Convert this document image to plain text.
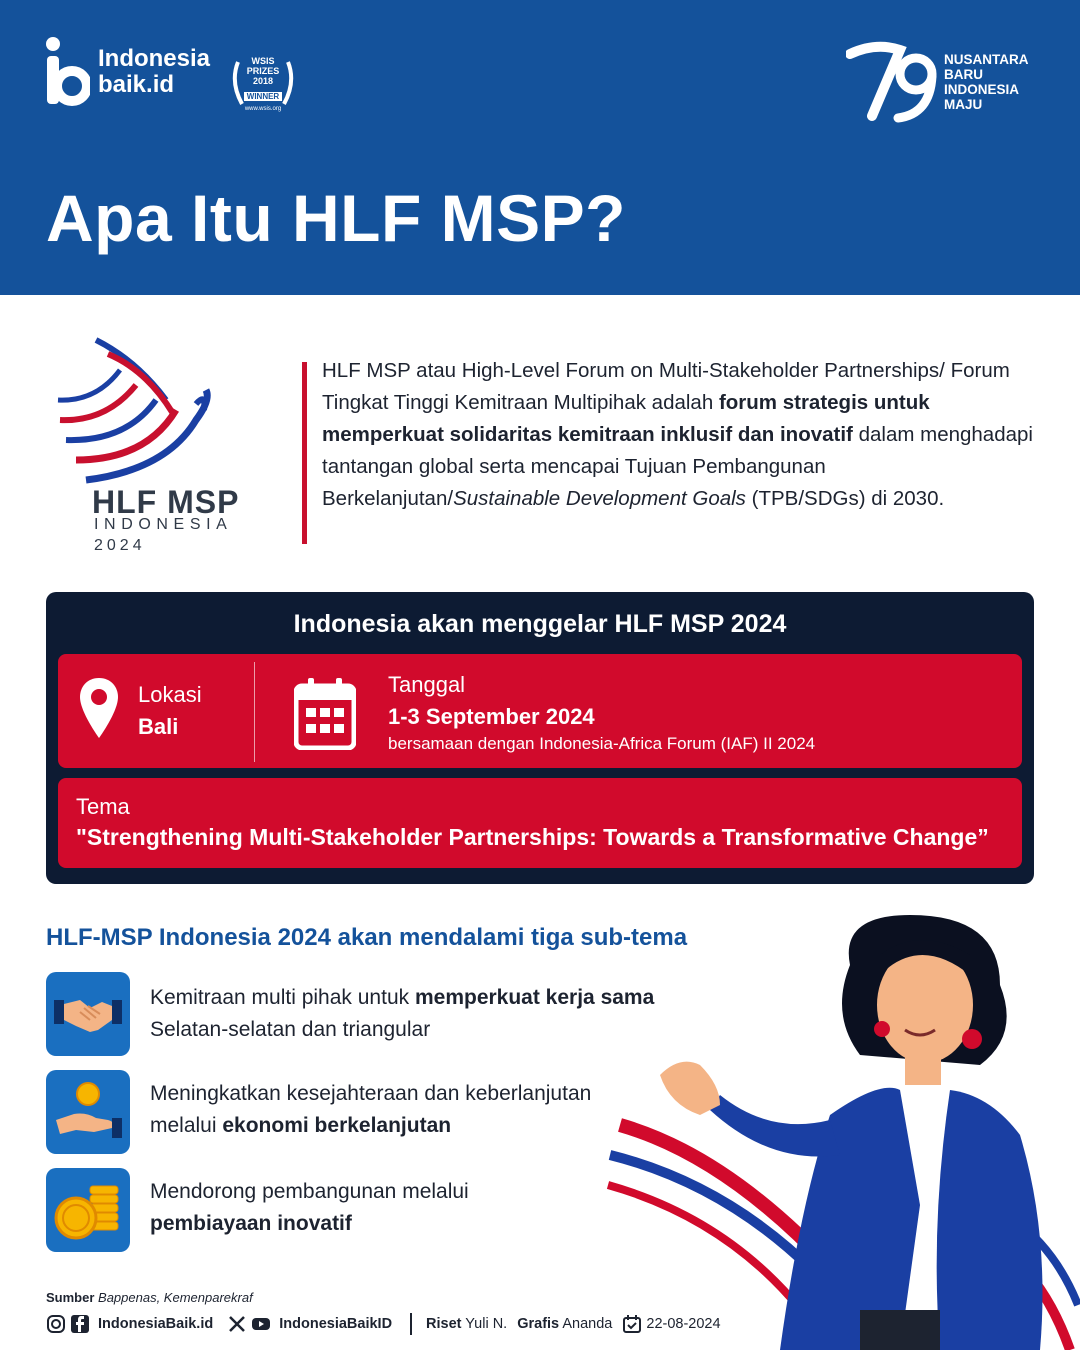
Indonesia
baik.id
WSIS
PRIZES
2018
WINNER
www.wsis.org
NUSANTARA
BARU
INDONESIA
MAJU
Apa Itu HLF MSP?
HLF MSP
INDONESIA
2024
HLF MSP atau High-Level Forum on Multi-Stakeholder Partnerships/ Forum Tingkat Tinggi Kemitraan Multipihak adalah forum strategis untuk memperkuat solidaritas kemitraan inklusif dan inovatif dalam menghadapi tantangan global serta mencapai Tujuan Pembangunan Berkelanjutan/Sustainable Development Goals (TPB/SDGs) di 2030.
Indonesia akan menggelar HLF MSP 2024
Lokasi
Bali
Tanggal
1-3 September 2024
bersamaan dengan Indonesia-Africa Forum (IAF) II 2024
Tema
"Strengthening Multi-Stakeholder Partnerships: Towards a Transformative Change”
HLF-MSP Indonesia 2024 akan mendalami tiga sub-tema
Kemitraan multi pihak untuk memperkuat kerja sama
Selatan-selatan dan triangular
Meningkatkan kesejahteraan dan keberlanjutan
melalui ekonomi berkelanjutan
Mendorong pembangunan melalui
pembiayaan inovatif
Sumber Bappenas, Kemenparekraf
IndonesiaBaik.id	IndonesiaBaikID Riset Yuli N. Grafis Ananda	22-08-2024
